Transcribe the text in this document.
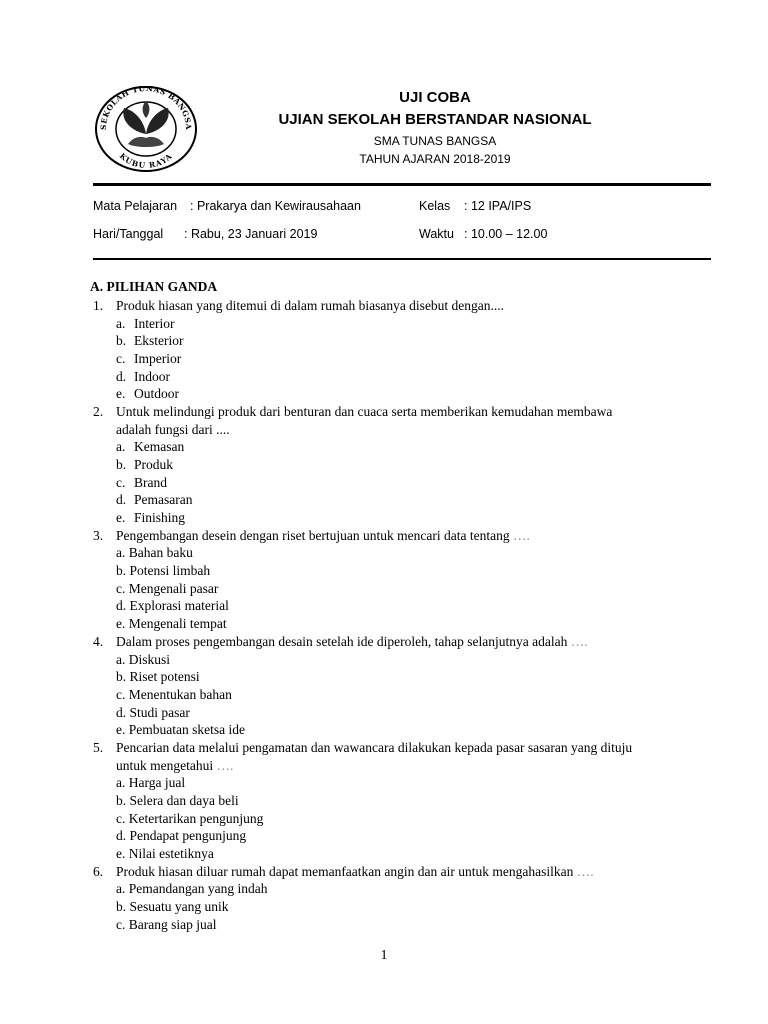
SEKOLAH TUNAS BANGSA
KUBU RAYA
UJI COBA
UJIAN SEKOLAH BERSTANDAR NASIONAL
SMA TUNAS BANGSA
TAHUN AJARAN 2018-2019
Mata Pelajaran : Prakarya dan Kewirausahaan	Kelas : 12 IPA/IPS
Hari/Tanggal : Rabu, 23 Januari 2019	Waktu : 10.00 – 12.00
A. PILIHAN GANDA
1. Produk hiasan yang ditemui di dalam rumah biasanya disebut dengan....
a. Interior
b. Eksterior
c. Imperior
d. Indoor
e. Outdoor
2. Untuk melindungi produk dari benturan dan cuaca serta memberikan kemudahan membawa
adalah fungsi dari ....
a. Kemasan
b. Produk
c. Brand
d. Pemasaran
e. Finishing
3. Pengembangan desein dengan riset bertujuan untuk mencari data tentang ….
a. Bahan baku
b. Potensi limbah
c. Mengenali pasar
d. Explorasi material
e. Mengenali tempat
4. Dalam proses pengembangan desain setelah ide diperoleh, tahap selanjutnya adalah ….
a. Diskusi
b. Riset potensi
c. Menentukan bahan
d. Studi pasar
e. Pembuatan sketsa ide
5. Pencarian data melalui pengamatan dan wawancara dilakukan kepada pasar sasaran yang dituju
untuk mengetahui ….
a. Harga jual
b. Selera dan daya beli
c. Ketertarikan pengunjung
d. Pendapat pengunjung
e. Nilai estetiknya
6. Produk hiasan diluar rumah dapat memanfaatkan angin dan air untuk mengahasilkan ….
a. Pemandangan yang indah
b. Sesuatu yang unik
c. Barang siap jual
1
